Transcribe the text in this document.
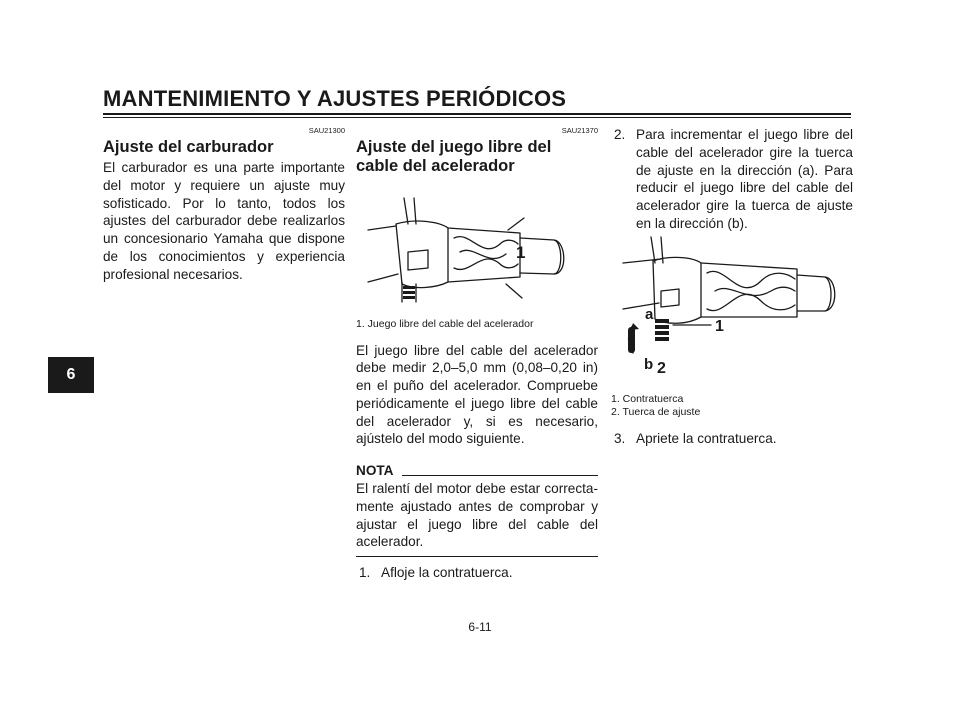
MANTENIMIENTO Y AJUSTES PERIÓDICOS
6
SAU21300
Ajuste del carburador

El carburador es una parte importante del motor y requiere un ajuste muy sofisticado. Por lo tanto, todos los ajustes del carburador debe realizarlos un concesionario Yamaha que dispone de los conocimientos y experiencia profesional necesarios.

SAU21370
Ajuste del juego libre del cable del acelerador
1
1. Juego libre del cable del acelerador

El juego libre del cable del acelerador debe medir 2,0–5,0 mm (0,08–0,20 in) en el puño del acelerador. Compruebe periódicamente el juego libre del cable del acelerador y, si es necesario, ajústelo del modo siguiente.

NOTA

El ralentí del motor debe estar correctamente ajustado antes de comprobar y ajustar el juego libre del cable del acelerador.

1. Afloje la contratuerca.
2. Para incrementar el juego libre del cable del acelerador gire la tuerca de ajuste en la dirección (a). Para reducir el juego libre del cable del acelerador gire la tuerca de ajuste en la dirección (b).
a
b
1
2
1. Contratuerca
2. Tuerca de ajuste
3. Apriete la contratuerca.
6-11
